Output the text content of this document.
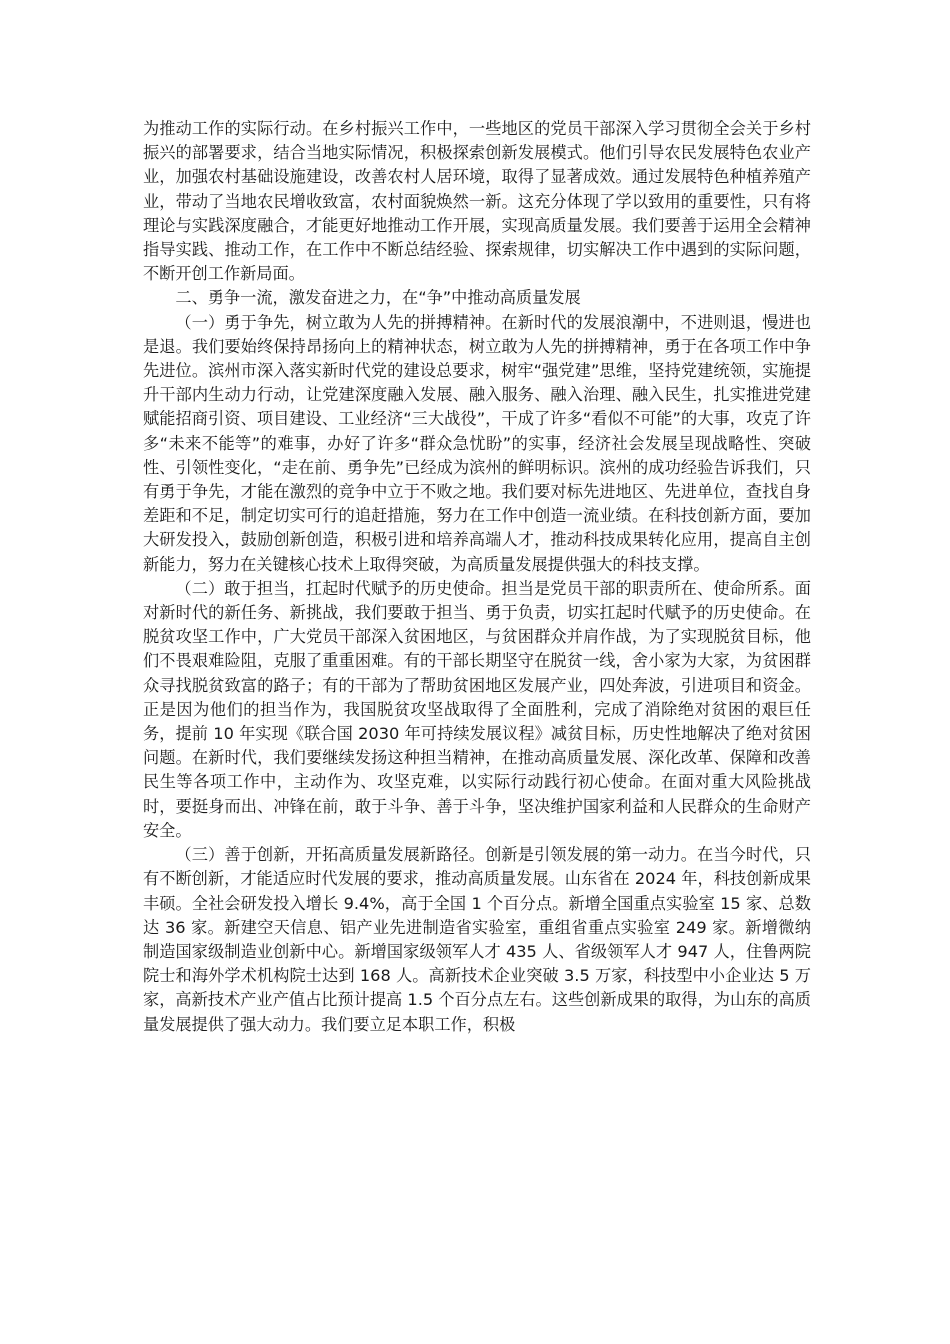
为推动工作的实际行动。在乡村振兴工作中，一些地区的党员干部深入学习贯彻全会关于乡村振兴的部署要求，结合当地实际情况，积极探索创新发展模式。他们引导农民发展特色农业产业，加强农村基础设施建设，改善农村人居环境，取得了显著成效。通过发展特色种植养殖产业，带动了当地农民增收致富，农村面貌焕然一新。这充分体现了学以致用的重要性，只有将理论与实践深度融合，才能更好地推动工作开展，实现高质量发展。我们要善于运用全会精神指导实践、推动工作，在工作中不断总结经验、探索规律，切实解决工作中遇到的实际问题，不断开创工作新局面。

二、勇争一流，激发奋进之力，在“争”中推动高质量发展

（一）勇于争先，树立敢为人先的拼搏精神。在新时代的发展浪潮中，不进则退，慢进也是退。我们要始终保持昂扬向上的精神状态，树立敢为人先的拼搏精神，勇于在各项工作中争先进位。滨州市深入落实新时代党的建设总要求，树牢“强党建”思维，坚持党建统领，实施提升干部内生动力行动，让党建深度融入发展、融入服务、融入治理、融入民生，扎实推进党建赋能招商引资、项目建设、工业经济“三大战役”，干成了许多“看似不可能”的大事，攻克了许多“未来不能等”的难事，办好了许多“群众急忧盼”的实事，经济社会发展呈现战略性、突破性、引领性变化，“走在前、勇争先”已经成为滨州的鲜明标识。滨州的成功经验告诉我们，只有勇于争先，才能在激烈的竞争中立于不败之地。我们要对标先进地区、先进单位，查找自身差距和不足，制定切实可行的追赶措施，努力在工作中创造一流业绩。在科技创新方面，要加大研发投入，鼓励创新创造，积极引进和培养高端人才，推动科技成果转化应用，提高自主创新能力，努力在关键核心技术上取得突破，为高质量发展提供强大的科技支撑。

（二）敢于担当，扛起时代赋予的历史使命。担当是党员干部的职责所在、使命所系。面对新时代的新任务、新挑战，我们要敢于担当、勇于负责，切实扛起时代赋予的历史使命。在脱贫攻坚工作中，广大党员干部深入贫困地区，与贫困群众并肩作战，为了实现脱贫目标，他们不畏艰难险阻，克服了重重困难。有的干部长期坚守在脱贫一线，舍小家为大家，为贫困群众寻找脱贫致富的路子；有的干部为了帮助贫困地区发展产业，四处奔波，引进项目和资金。正是因为他们的担当作为，我国脱贫攻坚战取得了全面胜利，完成了消除绝对贫困的艰巨任务，提前 10 年实现《联合国 2030 年可持续发展议程》减贫目标，历史性地解决了绝对贫困问题。在新时代，我们要继续发扬这种担当精神，在推动高质量发展、深化改革、保障和改善民生等各项工作中，主动作为、攻坚克难，以实际行动践行初心使命。在面对重大风险挑战时，要挺身而出、冲锋在前，敢于斗争、善于斗争，坚决维护国家利益和人民群众的生命财产安全。

（三）善于创新，开拓高质量发展新路径。创新是引领发展的第一动力。在当今时代，只有不断创新，才能适应时代发展的要求，推动高质量发展。山东省在 2024 年，科技创新成果丰硕。全社会研发投入增长 9.4%，高于全国 1 个百分点。新增全国重点实验室 15 家、总数达 36 家。新建空天信息、铝产业先进制造省实验室，重组省重点实验室 249 家。新增微纳制造国家级制造业创新中心。新增国家级领军人才 435 人、省级领军人才 947 人，住鲁两院院士和海外学术机构院士达到 168 人。高新技术企业突破 3.5 万家，科技型中小企业达 5 万家，高新技术产业产值占比预计提高 1.5 个百分点左右。这些创新成果的取得，为山东的高质量发展提供了强大动力。我们要立足本职工作，积极
